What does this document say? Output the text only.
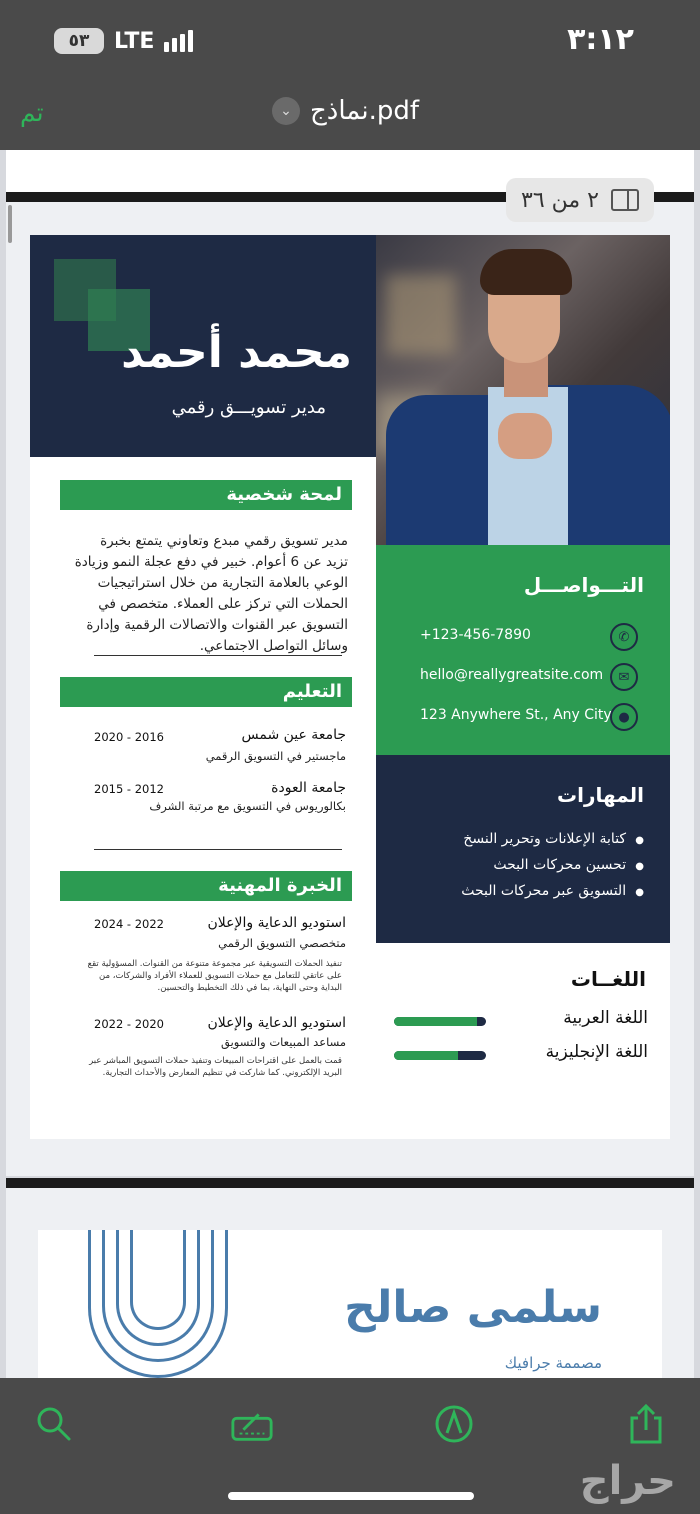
٥٣	LTE	٣:١٢
تم	⌄ نماذج.pdf
محمد أحمد
مدير تسويـــق رقمي
لمحة شخصية
مدير تسويق رقمي مبدع وتعاوني يتمتع بخبرة تزيد عن 6 أعوام. خبير في دفع عجلة النمو وزيادة الوعي بالعلامة التجارية من خلال استراتيجيات الحملات التي تركز على العملاء. متخصص في التسويق عبر القنوات والاتصالات الرقمية وإدارة وسائل التواصل الاجتماعي.
التعليم
جامعة عين شمس
2020 - 2016
ماجستير في التسويق الرقمي
جامعة العودة
2015 - 2012
بكالوريوس في التسويق مع مرتبة الشرف
الخبرة المهنية
استوديو الدعاية والإعلان
2024 - 2022
متخصصي التسويق الرقمي
تنفيذ الحملات التسويقية عبر مجموعة متنوعة من القنوات. المسؤولية تقع على عاتقي للتعامل مع حملات التسويق للعملاء الأفراد والشركات، من البداية وحتى النهاية، بما في ذلك التخطيط والتحسين.
استوديو الدعاية والإعلان
2022 - 2020
مساعد المبيعات والتسويق
قمت بالعمل على اقتراحات المبيعات وتنفيذ حملات التسويق المباشر عبر البريد الإلكتروني. كما شاركت في تنظيم المعارض والأحداث التجارية.
التـــواصـــل
+123-456-7890	✆
hello@reallygreatsite.com	✉
123 Anywhere St., Any City ●
المهارات
كتابة الإعلانات وتحرير النسخ ●
تحسين محركات البحث ●
التسويق عبر محركات البحث ●
اللغــات
اللغة العربية
اللغة الإنجليزية
٢ من ٣٦
سلمى صالح
مصممة جرافيك
حراج
